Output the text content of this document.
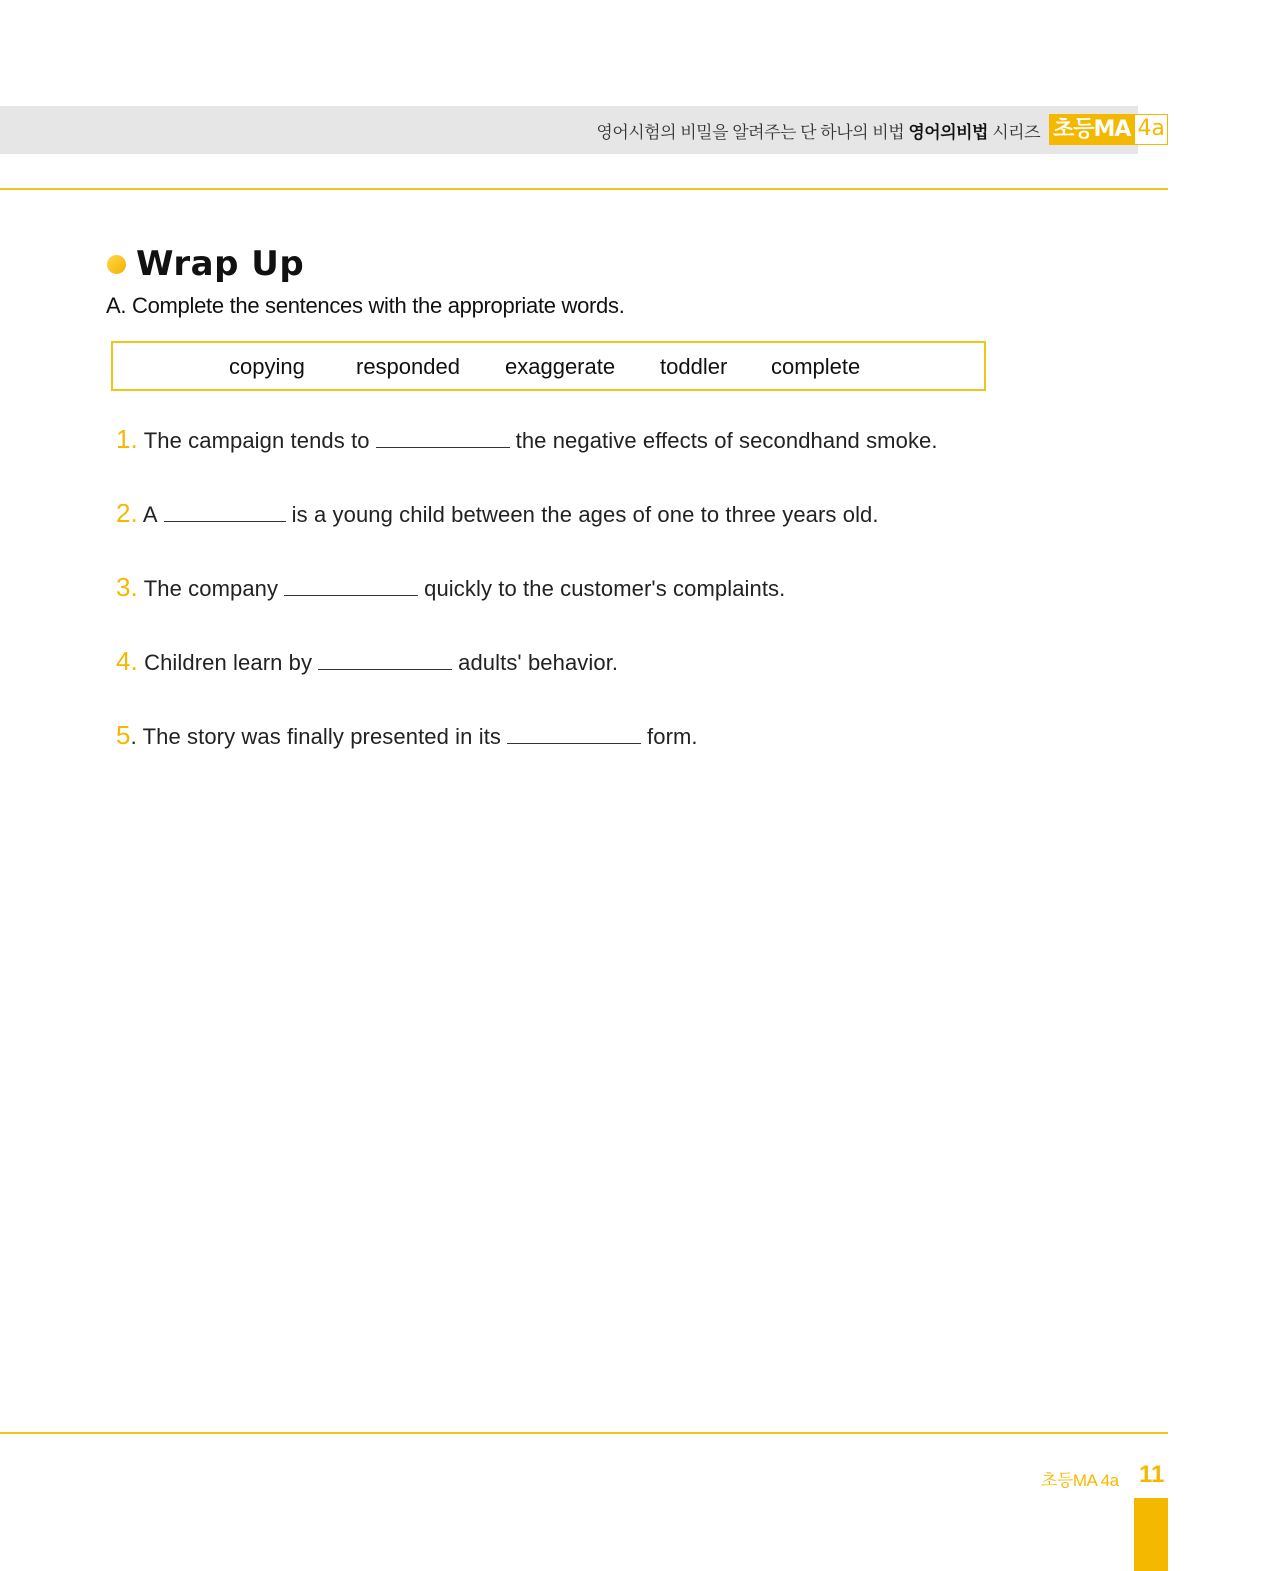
영어시험의 비밀을 알려주는 단 하나의 비법 영어의비법 시리즈 초등MA 4a
Wrap Up
A. Complete the sentences with the appropriate words.
copying responded exaggerate toddler complete
1. The campaign tends to	the negative effects of secondhand smoke.
2. A	is a young child between the ages of one to three years old.
3. The company	quickly to the customer's complaints.
4. Children learn by	adults' behavior.
5. The story was finally presented in its	form.
초등MA 4a 11
